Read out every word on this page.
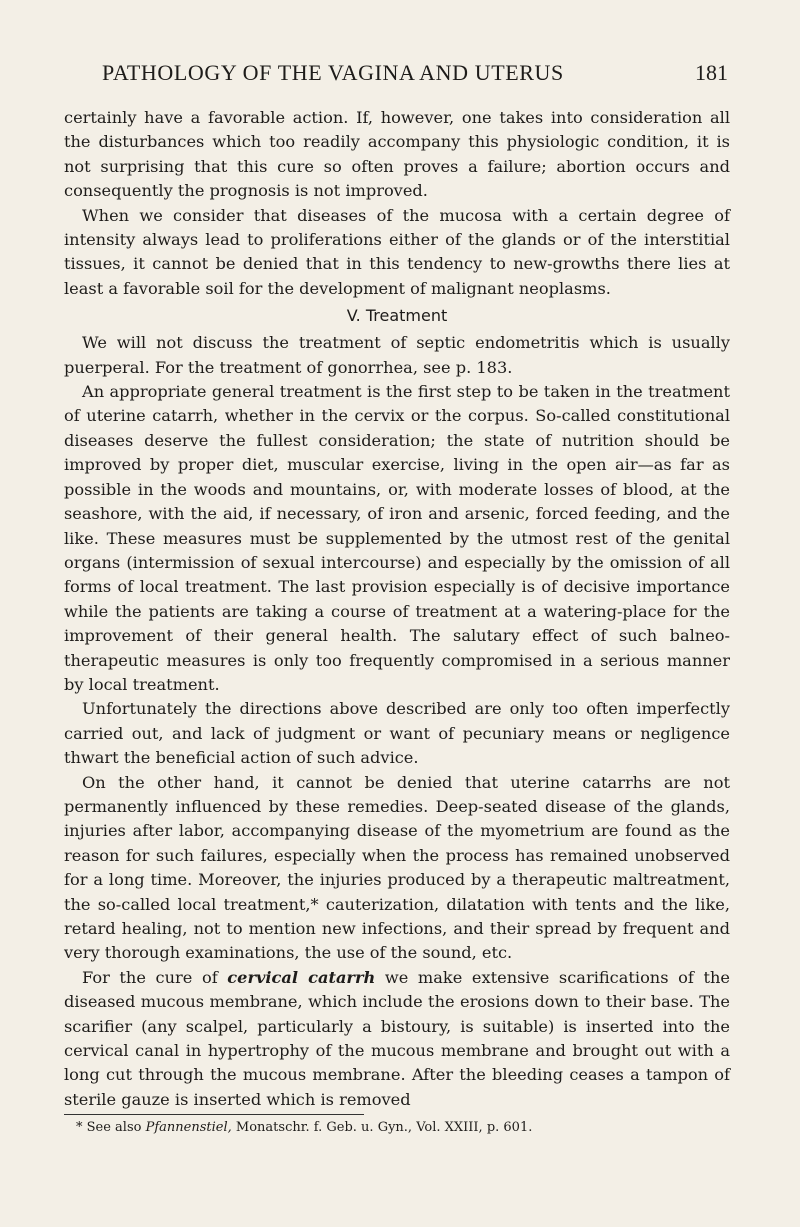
PATHOLOGY OF THE VAGINA AND UTERUS	181

certainly have a favorable action. If, however, one takes into consideration all the disturbances which too readily accompany this physiologic condition, it is not surprising that this cure so often proves a failure; abortion occurs and consequently the prognosis is not improved.

When we consider that diseases of the mucosa with a certain degree of intensity always lead to proliferations either of the glands or of the interstitial tissues, it cannot be denied that in this tendency to new-growths there lies at least a favorable soil for the development of malignant neoplasms.

V. Treatment

We will not discuss the treatment of septic endometritis which is usually puerperal. For the treatment of gonorrhea, see p. 183.

An appropriate general treatment is the first step to be taken in the treatment of uterine catarrh, whether in the cervix or the corpus. So-called constitutional diseases deserve the fullest consideration; the state of nutrition should be improved by proper diet, muscular exercise, living in the open air—as far as possible in the woods and mountains, or, with moderate losses of blood, at the seashore, with the aid, if necessary, of iron and arsenic, forced feeding, and the like. These measures must be supplemented by the utmost rest of the genital organs (intermission of sexual intercourse) and especially by the omission of all forms of local treatment. The last provision especially is of decisive importance while the patients are taking a course of treatment at a watering-place for the improvement of their general health. The salutary effect of such balneo-therapeutic measures is only too frequently compromised in a serious manner by local treatment.

Unfortunately the directions above described are only too often imperfectly carried out, and lack of judgment or want of pecuniary means or negligence thwart the beneficial action of such advice.

On the other hand, it cannot be denied that uterine catarrhs are not permanently influenced by these remedies. Deep-seated disease of the glands, injuries after labor, accompanying disease of the myometrium are found as the reason for such failures, especially when the process has remained unobserved for a long time. Moreover, the injuries produced by a therapeutic maltreatment, the so-called local treatment,* cauterization, dilatation with tents and the like, retard healing, not to mention new infections, and their spread by frequent and very thorough examinations, the use of the sound, etc.

For the cure of cervical catarrh we make extensive scarifications of the diseased mucous membrane, which include the erosions down to their base. The scarifier (any scalpel, particularly a bistoury, is suitable) is inserted into the cervical canal in hypertrophy of the mucous membrane and brought out with a long cut through the mucous membrane. After the bleeding ceases a tampon of sterile gauze is inserted which is removed

* See also Pfannenstiel, Monatschr. f. Geb. u. Gyn., Vol. XXIII, p. 601.
